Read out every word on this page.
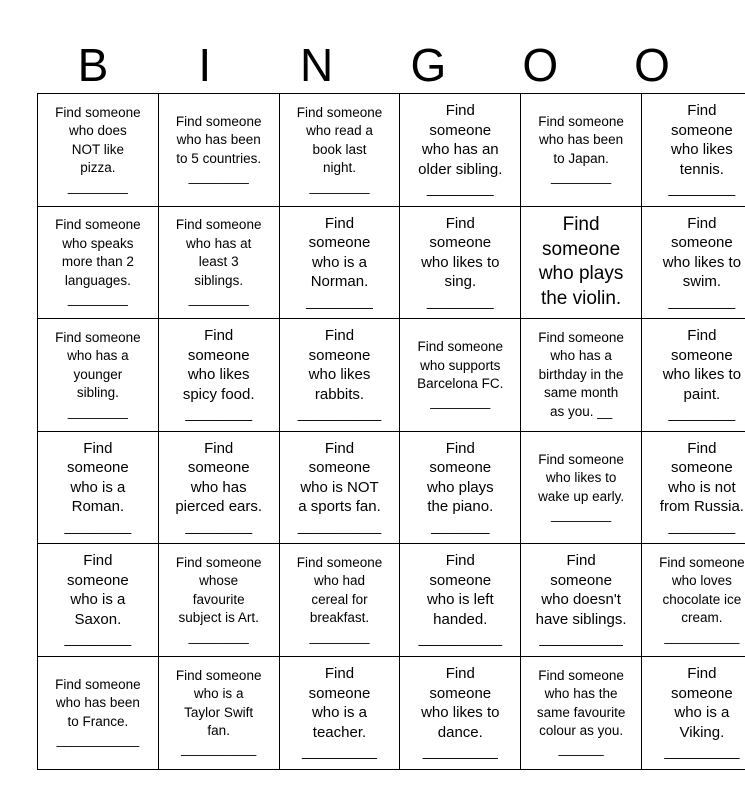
B	I	N	G	O	O
Find someone
who does
NOT like
pizza.
________	Find someone
who has been
to 5 countries.
________	Find someone
who read a
book last
night.
________	Find
someone
who has an
older sibling.
________	Find someone
who has been
to Japan.
________	Find
someone
who likes
tennis.
________

Find someone
who speaks
more than 2
languages.
________	Find someone
who has at
least 3
siblings.
________	Find
someone
who is a
Norman.
________	Find
someone
who likes to
sing.
________	Find
someone
who plays
the violin.	Find
someone
who likes to
swim.
________

Find someone
who has a
younger
sibling.
________	Find
someone
who likes
spicy food.
________	Find
someone
who likes
rabbits.
__________	Find someone
who supports
Barcelona FC.
________	Find someone
who has a
birthday in the
same month
as you. __	Find
someone
who likes to
paint.
________

Find
someone
who is a
Roman.
________	Find
someone
who has
pierced ears.
________	Find
someone
who is NOT
a sports fan.
__________	Find
someone
who plays
the piano.
_______	Find someone
who likes to
wake up early.
________	Find
someone
who is not
from Russia.
________

Find
someone
who is a
Saxon.
________	Find someone
whose
favourite
subject is Art.
________	Find someone
who had
cereal for
breakfast.
________	Find
someone
who is left
handed.
__________	Find
someone
who doesn't
have siblings.
__________	Find someone
who loves
chocolate ice
cream.
__________

Find someone
who has been
to France.
___________	Find someone
who is a
Taylor Swift
fan.
__________	Find
someone
who is a
teacher.
_________	Find
someone
who likes to
dance.
_________	Find someone
who has the
same favourite
colour as you.
______	Find
someone
who is a
Viking.
_________
